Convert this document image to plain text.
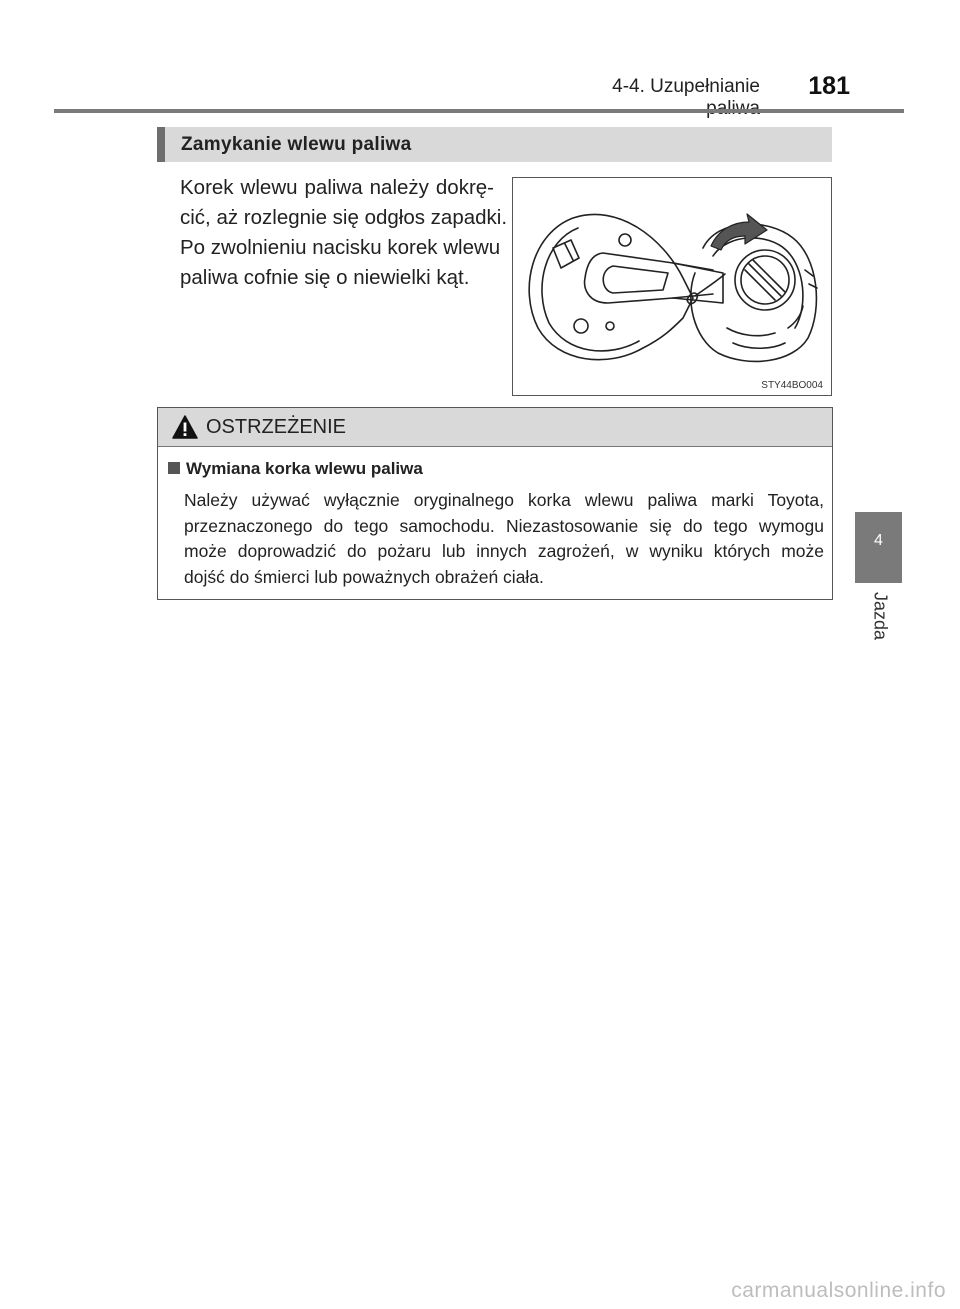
4-4. Uzupełnianie	181
Zamykanie wlewu paliwa
Korek wlewu paliwa należy dokrę-
cić, aż rozlegnie się odgłos zapadki.
Po zwolnieniu nacisku korek wlewu
paliwa cofnie się o niewielki kąt.
STY44BO004
OSTRZEŻENIE
Wymiana korka wlewu paliwa
Należy używać wyłącznie oryginalnego korka wlewu paliwa marki Toyota,
przeznaczonego do tego samochodu. Niezastosowanie się do tego wymogu
może doprowadzić do pożaru lub innych zagrożeń, w wyniku których może
dojść do śmierci lub poważnych obrażeń ciała.
4
Jazda
carmanualsonline.info
